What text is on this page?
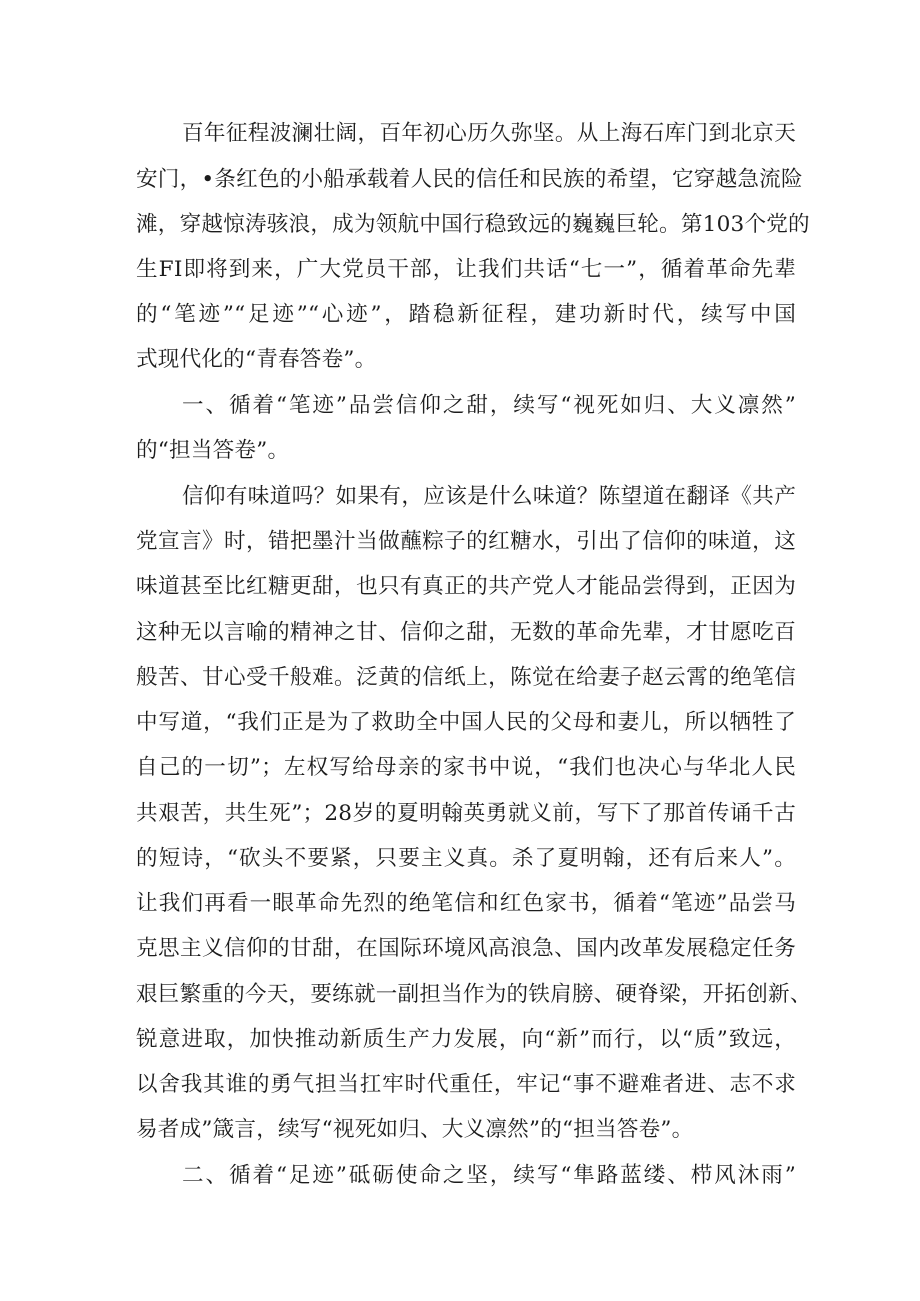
百年征程波澜壮阔，百年初心历久弥坚。从上海石库门到北京天
安门，•条红色的小船承载着人民的信任和民族的希望，它穿越急流险
滩，穿越惊涛骇浪，成为领航中国行稳致远的巍巍巨轮。第103个党的
生FI即将到来，广大党员干部，让我们共话“七一”，循着革命先辈
的“笔迹”“足迹”“心迹”，踏稳新征程，建功新时代，续写中国
式现代化的“青春答卷”。
一、循着“笔迹”品尝信仰之甜，续写“视死如归、大义凛然”
的“担当答卷”。
信仰有味道吗？如果有，应该是什么味道？陈望道在翻译《共产
党宣言》时，错把墨汁当做蘸粽子的红糖水，引出了信仰的味道，这
味道甚至比红糖更甜，也只有真正的共产党人才能品尝得到，正因为
这种无以言喻的精神之甘、信仰之甜，无数的革命先辈，才甘愿吃百
般苦、甘心受千般难。泛黄的信纸上，陈觉在给妻子赵云霄的绝笔信
中写道，“我们正是为了救助全中国人民的父母和妻儿，所以牺牲了
自己的一切”；左权写给母亲的家书中说，“我们也决心与华北人民
共艰苦，共生死”；28岁的夏明翰英勇就义前，写下了那首传诵千古
的短诗，“砍头不要紧，只要主义真。杀了夏明翰，还有后来人”。
让我们再看一眼革命先烈的绝笔信和红色家书，循着“笔迹”品尝马
克思主义信仰的甘甜，在国际环境风高浪急、国内改革发展稳定任务
艰巨繁重的今天，要练就一副担当作为的铁肩膀、硬脊梁，开拓创新、
锐意进取，加快推动新质生产力发展，向“新”而行，以“质”致远，
以舍我其谁的勇气担当扛牢时代重任，牢记“事不避难者进、志不求
易者成”箴言，续写“视死如归、大义凛然”的“担当答卷”。
二、循着“足迹”砥砺使命之坚，续写“隼路蓝缕、栉风沐雨”
